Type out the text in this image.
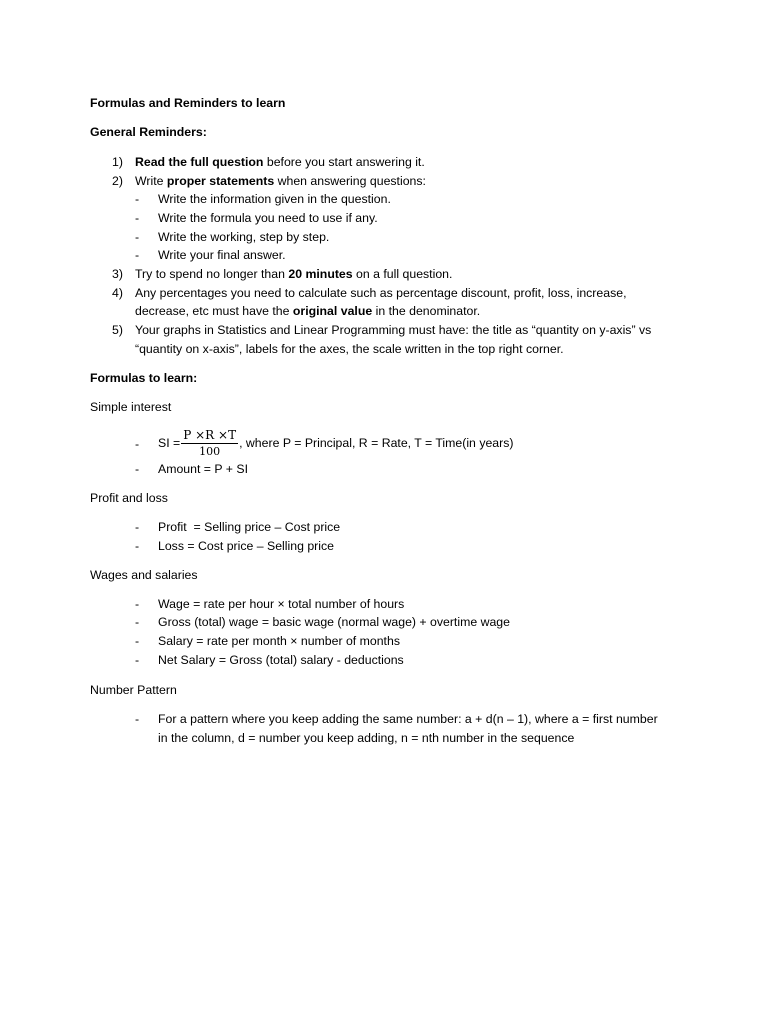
Formulas and Reminders to learn
General Reminders:
1) Read the full question before you start answering it.
2) Write proper statements when answering questions:
- Write the information given in the question.
- Write the formula you need to use if any.
- Write the working, step by step.
- Write your final answer.
3) Try to spend no longer than 20 minutes on a full question.
4) Any percentages you need to calculate such as percentage discount, profit, loss, increase,
decrease, etc must have the original value in the denominator.
5) Your graphs in Statistics and Linear Programming must have: the title as “quantity on y-axis” vs
“quantity on x-axis”, labels for the axes, the scale written in the top right corner.
Formulas to learn:
Simple interest
- SI = $\frac{P \times R \times T}{100}$ , where P = Principal, R = Rate, T = Time(in years)
- Amount = P + SI
Profit and loss
- Profit  = Selling price – Cost price
- Loss = Cost price – Selling price
Wages and salaries
- Wage = rate per hour × total number of hours
- Gross (total) wage = basic wage (normal wage) + overtime wage
- Salary = rate per month × number of months
- Net Salary = Gross (total) salary - deductions
Number Pattern
- For a pattern where you keep adding the same number: a + d(n – 1), where a = first number
in the column, d = number you keep adding, n = nth number in the sequence
